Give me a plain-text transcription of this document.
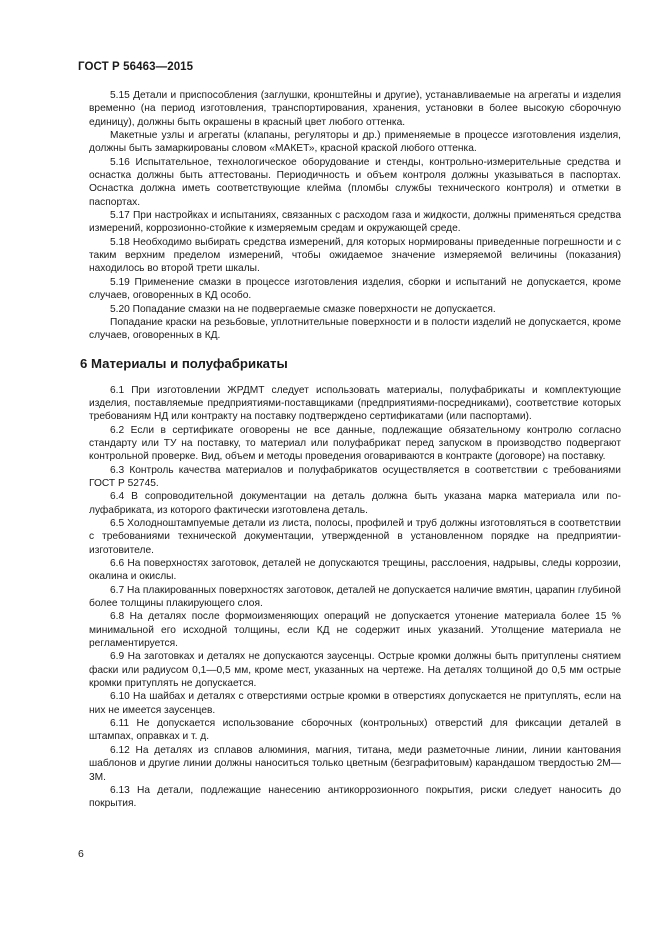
ГОСТ Р 56463—2015

5.15 Детали и приспособления (заглушки, кронштейны и другие), устанавливаемые на агрегаты и изделия временно (на период изготовления, транспортирования, хранения, установки в более высокую сборочную единицу), должны быть окрашены в красный цвет любого оттенка.

Макетные узлы и агрегаты (клапаны, регуляторы и др.) применяемые в процессе изготовления изделия, должны быть замаркированы словом «МАКЕТ», красной краской любого оттенка.

5.16 Испытательное, технологическое оборудование и стенды, контрольно-измерительные средства и оснастка должны быть аттестованы. Периодичность и объем контроля должны указываться в паспортах. Оснастка должна иметь соответствующие клейма (пломбы службы технического контроля) и отметки в паспортах.

5.17 При настройках и испытаниях, связанных с расходом газа и жидкости, должны применяться средства измерений, коррозионно-стойкие к измеряемым средам и окружающей среде.

5.18 Необходимо выбирать средства измерений, для которых нормированы приведенные погрешности и с таким верхним пределом измерений, чтобы ожидаемое значение измеряемой величины (показания) находилось во второй трети шкалы.

5.19 Применение смазки в процессе изготовления изделия, сборки и испытаний не допускается, кроме случаев, оговоренных в КД особо.

5.20 Попадание смазки на не подвергаемые смазке поверхности не допускается.

Попадание краски на резьбовые, уплотнительные поверхности и в полости изделий не допускается, кроме случаев, оговоренных в КД.

6 Материалы и полуфабрикаты

6.1 При изготовлении ЖРДМТ следует использовать материалы, полуфабрикаты и комплектующие изделия, поставляемые предприятиями-поставщиками (предприятиями-посредниками), соответствие которых требованиям НД или контракту на поставку подтверждено сертификатами (или паспортами).

6.2 Если в сертификате оговорены не все данные, подлежащие обязательному контролю согласно стандарту или ТУ на поставку, то материал или полуфабрикат перед запуском в производство подвергают контрольной проверке. Вид, объем и методы проведения оговариваются в контракте (договоре) на поставку.

6.3 Контроль качества материалов и полуфабрикатов осуществляется в соответствии с требованиями ГОСТ Р 52745.

6.4 В сопроводительной документации на деталь должна быть указана марка материала или полуфабриката, из которого фактически изготовлена деталь.

6.5 Холодноштампуемые детали из листа, полосы, профилей и труб должны изготовляться в соответствии с требованиями технической документации, утвержденной в установленном порядке на предприятии-изготовителе.

6.6 На поверхностях заготовок, деталей не допускаются трещины, расслоения, надрывы, следы коррозии, окалина и окислы.

6.7 На плакированных поверхностях заготовок, деталей не допускается наличие вмятин, царапин глубиной более толщины плакирующего слоя.

6.8 На деталях после формоизменяющих операций не допускается утонение материала более 15 % минимальной его исходной толщины, если КД не содержит иных указаний. Утолщение материала не регламентируется.

6.9 На заготовках и деталях не допускаются заусенцы. Острые кромки должны быть притуплены снятием фаски или радиусом 0,1—0,5 мм, кроме мест, указанных на чертеже. На деталях толщиной до 0,5 мм острые кромки притуплять не допускается.

6.10 На шайбах и деталях с отверстиями острые кромки в отверстиях допускается не притуплять, если на них не имеется заусенцев.

6.11 Не допускается использование сборочных (контрольных) отверстий для фиксации деталей в штампах, оправках и т. д.

6.12 На деталях из сплавов алюминия, магния, титана, меди разметочные линии, линии кантования шаблонов и другие линии должны наноситься только цветным (безграфитовым) карандашом твердостью 2М—3М.

6.13 На детали, подлежащие нанесению антикоррозионного покрытия, риски следует наносить до покрытия.

6
